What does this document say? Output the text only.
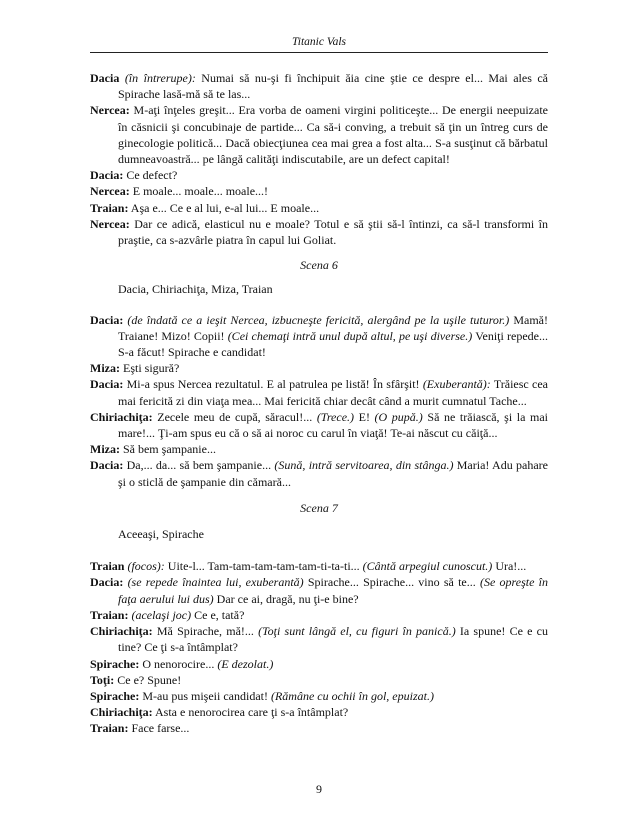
Titanic Vals

Dacia (în întrerupe): Numai să nu-şi fi închipuit ăia cine ştie ce despre el... Mai ales că Spirache lasă-mă să te las...

Nercea: M-aţi înţeles greşit... Era vorba de oameni virgini politiceşte... De energii neepuizate în căsnicii şi concubinaje de partide... Ca să-i conving, a trebuit să ţin un întreg curs de ginecologie politică... Dacă obiecţiunea cea mai grea a fost alta... S-a susţinut că bărbatul dumneavoastră... pe lângă calităţi indiscutabile, are un defect capital!

Dacia: Ce defect?

Nercea: E moale... moale... moale...!

Traian: Aşa e... Ce e al lui, e-al lui... E moale...

Nercea: Dar ce adică, elasticul nu e moale? Totul e să ştii să-l întinzi, ca să-l transformi în praştie, ca s-azvârle piatra în capul lui Goliat.

Scena 6
Dacia, Chiriachiţa, Miza, Traian

Dacia: (de îndată ce a ieşit Nercea, izbucneşte fericită, alergând pe la uşile tuturor.) Mamă! Traiane! Mizo! Copii! (Cei chemaţi intră unul după altul, pe uşi diverse.) Veniţi repede... S-a făcut! Spirache e candidat!

Miza: Eşti sigură?

Dacia: Mi-a spus Nercea rezultatul. E al patrulea pe listă! În sfârşit! (Exuberantă): Trăiesc cea mai fericită zi din viaţa mea... Mai fericită chiar decât când a murit cumnatul Tache...

Chiriachiţa: Zecele meu de cupă, săracul!... (Trece.) E! (O pupă.) Să ne trăiască, şi la mai mare!... Ţi-am spus eu că o să ai noroc cu carul în viaţă! Te-ai născut cu căiţă...

Miza: Să bem şampanie...

Dacia: Da,... da... să bem şampanie... (Sună, intră servitoarea, din stânga.) Maria! Adu pahare şi o sticlă de şampanie din cămară...

Scena 7
Aceeaşi, Spirache

Traian (focos): Uite-l... Tam-tam-tam-tam-tam-ti-ta-ti... (Cântă arpegiul cunoscut.) Ura!...

Dacia: (se repede înaintea lui, exuberantă) Spirache... Spirache... vino să te... (Se opreşte în faţa aerului lui dus) Dar ce ai, dragă, nu ţi-e bine?

Traian: (acelaşi joc) Ce e, tată?

Chiriachiţa: Mă Spirache, mă!... (Toţi sunt lângă el, cu figuri în panică.) Ia spune! Ce e cu tine? Ce ţi s-a întâmplat?

Spirache: O nenorocire... (E dezolat.)

Toţi: Ce e? Spune!

Spirache: M-au pus mişeii candidat! (Rămâne cu ochii în gol, epuizat.)

Chiriachiţa: Asta e nenorocirea care ţi s-a întâmplat?

Traian: Face farse...

9
